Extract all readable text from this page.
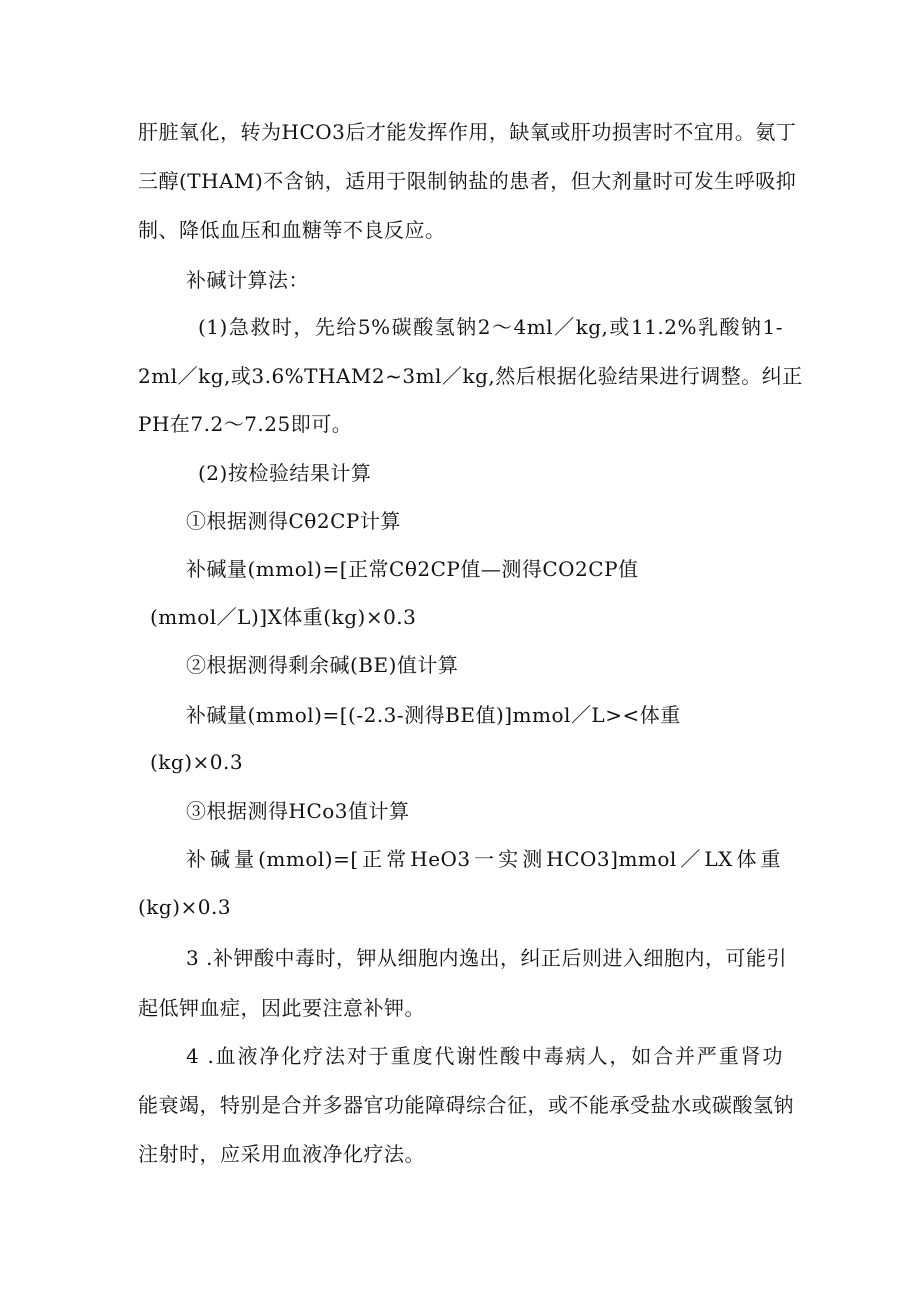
肝脏氧化，转为HCO3后才能发挥作用，缺氧或肝功损害时不宜用。氨丁
三醇(THAM)不含钠，适用于限制钠盐的患者，但大剂量时可发生呼吸抑
制、降低血压和血糖等不良反应。
补碱计算法：
(1)急救时，先给5%碳酸氢钠2～4ml／kg,或11.2%乳酸钠1-
2ml／kg,或3.6%THAM2~3ml／kg,然后根据化验结果进行调整。纠正
PH在7.2～7.25即可。
(2)按检验结果计算
①根据测得Cθ2CP计算
补碱量(mmol)=[正常Cθ2CP值—测得CO2CP值
(mmol／L)]X体重(kg)×0.3
②根据测得剩余碱(BE)值计算
补碱量(mmol)=[(-2.3-测得BE值)]mmol／L><体重
(kg)×0.3
③根据测得HCo3值计算
补碱量(mmol)=[正常HeO3一实测HCO3]mmol／LX体重
(kg)×0.3
3 .补钾酸中毒时，钾从细胞内逸出，纠正后则进入细胞内，可能引
起低钾血症，因此要注意补钾。
4 .血液净化疗法对于重度代谢性酸中毒病人，如合并严重肾功
能衰竭，特别是合并多器官功能障碍综合征，或不能承受盐水或碳酸氢钠
注射时，应采用血液净化疗法。
